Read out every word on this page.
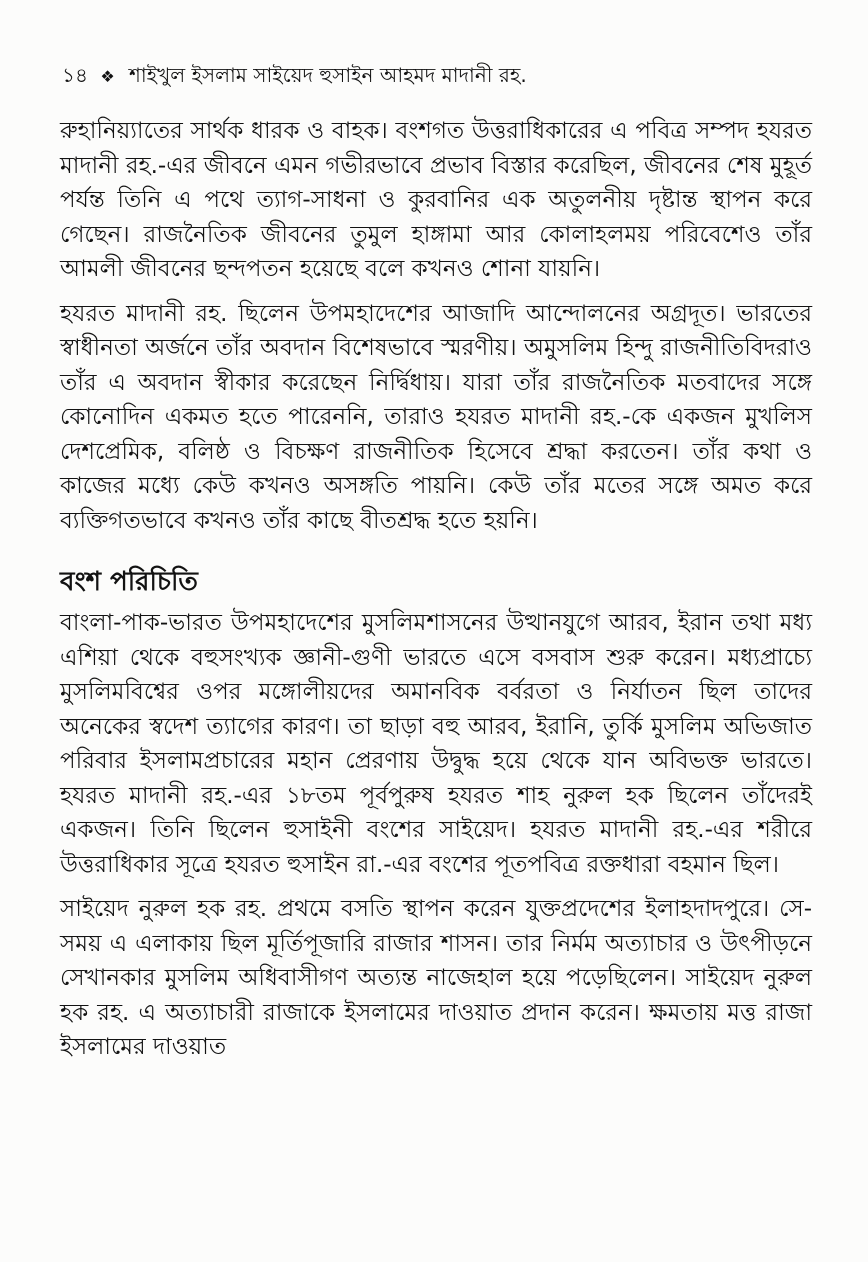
১৪ ❖ শাইখুল ইসলাম সাইয়েদ হুসাইন আহমদ মাদানী রহ.

রুহানিয়্যাতের সার্থক ধারক ও বাহক। বংশগত উত্তরাধিকারের এ পবিত্র সম্পদ হযরত মাদানী রহ.-এর জীবনে এমন গভীরভাবে প্রভাব বিস্তার করেছিল, জীবনের শেষ মুহূর্ত পর্যন্ত তিনি এ পথে ত্যাগ-সাধনা ও কুরবানির এক অতুলনীয় দৃষ্টান্ত স্থাপন করে গেছেন। রাজনৈতিক জীবনের তুমুল হাঙ্গামা আর কোলাহলময় পরিবেশেও তাঁর আমলী জীবনের ছন্দপতন হয়েছে বলে কখনও শোনা যায়নি।

হযরত মাদানী রহ. ছিলেন উপমহাদেশের আজাদি আন্দোলনের অগ্রদূত। ভারতের স্বাধীনতা অর্জনে তাঁর অবদান বিশেষভাবে স্মরণীয়। অমুসলিম হিন্দু রাজনীতিবিদরাও তাঁর এ অবদান স্বীকার করেছেন নির্দ্বিধায়। যারা তাঁর রাজনৈতিক মতবাদের সঙ্গে কোনোদিন একমত হতে পারেননি, তারাও হযরত মাদানী রহ.-কে একজন মুখলিস দেশপ্রেমিক, বলিষ্ঠ ও বিচক্ষণ রাজনীতিক হিসেবে শ্রদ্ধা করতেন। তাঁর কথা ও কাজের মধ্যে কেউ কখনও অসঙ্গতি পায়নি। কেউ তাঁর মতের সঙ্গে অমত করে ব্যক্তিগতভাবে কখনও তাঁর কাছে বীতশ্রদ্ধ হতে হয়নি।

বংশ পরিচিতি

বাংলা-পাক-ভারত উপমহাদেশের মুসলিমশাসনের উত্থানযুগে আরব, ইরান তথা মধ্য এশিয়া থেকে বহুসংখ্যক জ্ঞানী-গুণী ভারতে এসে বসবাস শুরু করেন। মধ্যপ্রাচ্যে মুসলিমবিশ্বের ওপর মঙ্গোলীয়দের অমানবিক বর্বরতা ও নির্যাতন ছিল তাদের অনেকের স্বদেশ ত্যাগের কারণ। তা ছাড়া বহু আরব, ইরানি, তুর্কি মুসলিম অভিজাত পরিবার ইসলামপ্রচারের মহান প্রেরণায় উদ্বুদ্ধ হয়ে থেকে যান অবিভক্ত ভারতে। হযরত মাদানী রহ.-এর ১৮তম পূর্বপুরুষ হযরত শাহ নুরুল হক ছিলেন তাঁদেরই একজন। তিনি ছিলেন হুসাইনী বংশের সাইয়েদ। হযরত মাদানী রহ.-এর শরীরে উত্তরাধিকার সূত্রে হযরত হুসাইন রা.-এর বংশের পূতপবিত্র রক্তধারা বহমান ছিল।

সাইয়েদ নুরুল হক রহ. প্রথমে বসতি স্থাপন করেন যুক্তপ্রদেশের ইলাহদাদপুরে। সে-সময় এ এলাকায় ছিল মূর্তিপূজারি রাজার শাসন। তার নির্মম অত্যাচার ও উৎপীড়নে সেখানকার মুসলিম অধিবাসীগণ অত্যন্ত নাজেহাল হয়ে পড়েছিলেন। সাইয়েদ নুরুল হক রহ. এ অত্যাচারী রাজাকে ইসলামের দাওয়াত প্রদান করেন। ক্ষমতায় মত্ত রাজা ইসলামের দাওয়াত
